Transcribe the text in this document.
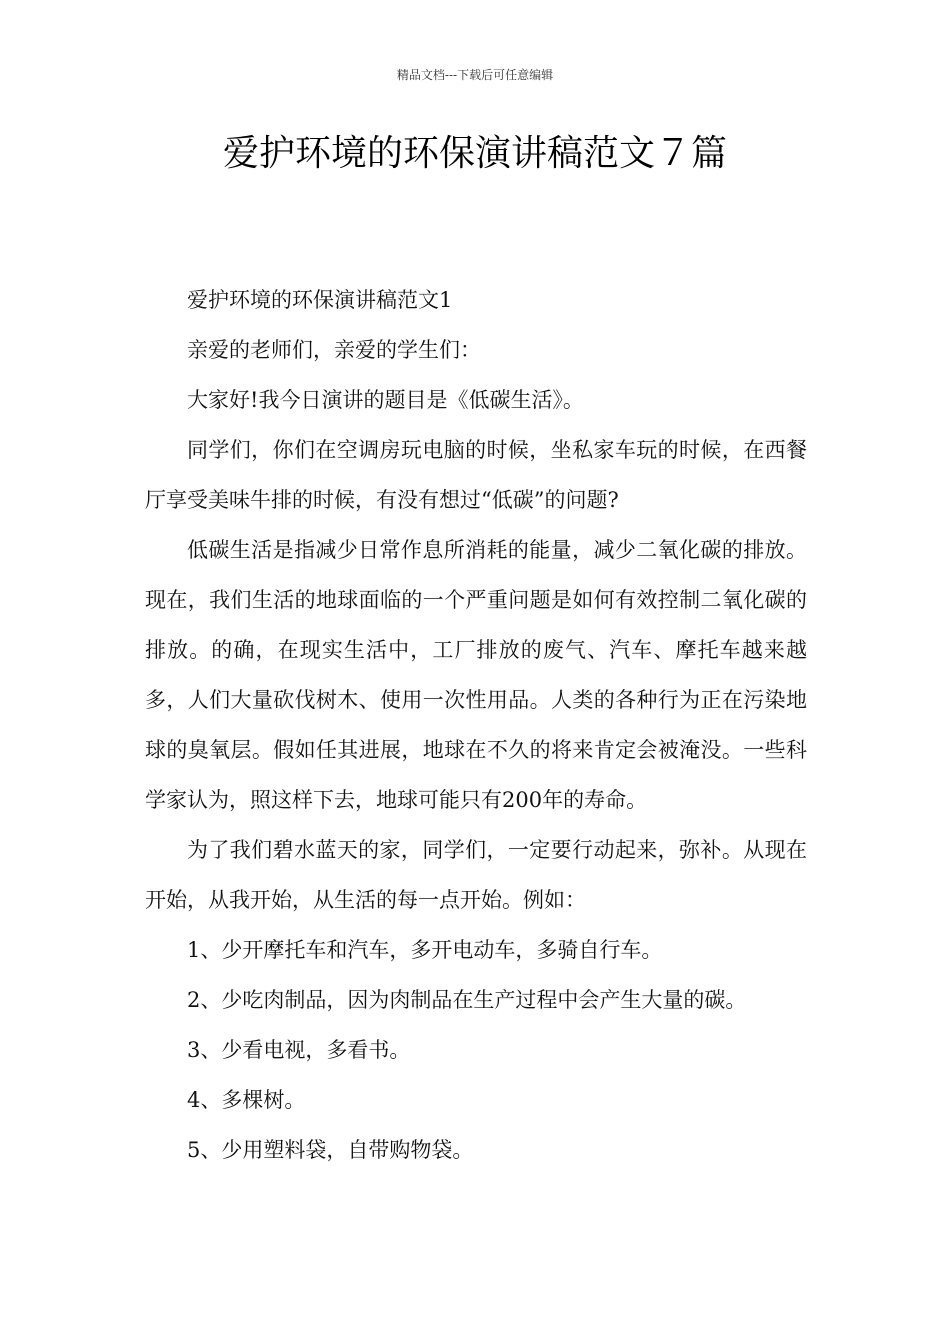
精品文档---下载后可任意编辑
爱护环境的环保演讲稿范文７篇

爱护环境的环保演讲稿范文1

亲爱的老师们，亲爱的学生们：

大家好!我今日演讲的题目是《低碳生活》。

同学们，你们在空调房玩电脑的时候，坐私家车玩的时候，在西餐厅享受美味牛排的时候，有没有想过“低碳”的问题?

低碳生活是指减少日常作息所消耗的能量，减少二氧化碳的排放。现在，我们生活的地球面临的一个严重问题是如何有效控制二氧化碳的排放。的确，在现实生活中，工厂排放的废气、汽车、摩托车越来越多，人们大量砍伐树木、使用一次性用品。人类的各种行为正在污染地球的臭氧层。假如任其进展，地球在不久的将来肯定会被淹没。一些科学家认为，照这样下去，地球可能只有200年的寿命。

为了我们碧水蓝天的家，同学们，一定要行动起来，弥补。从现在开始，从我开始，从生活的每一点开始。例如：

1、少开摩托车和汽车，多开电动车，多骑自行车。

2、少吃肉制品，因为肉制品在生产过程中会产生大量的碳。

3、少看电视，多看书。

4、多棵树。

5、少用塑料袋，自带购物袋。
